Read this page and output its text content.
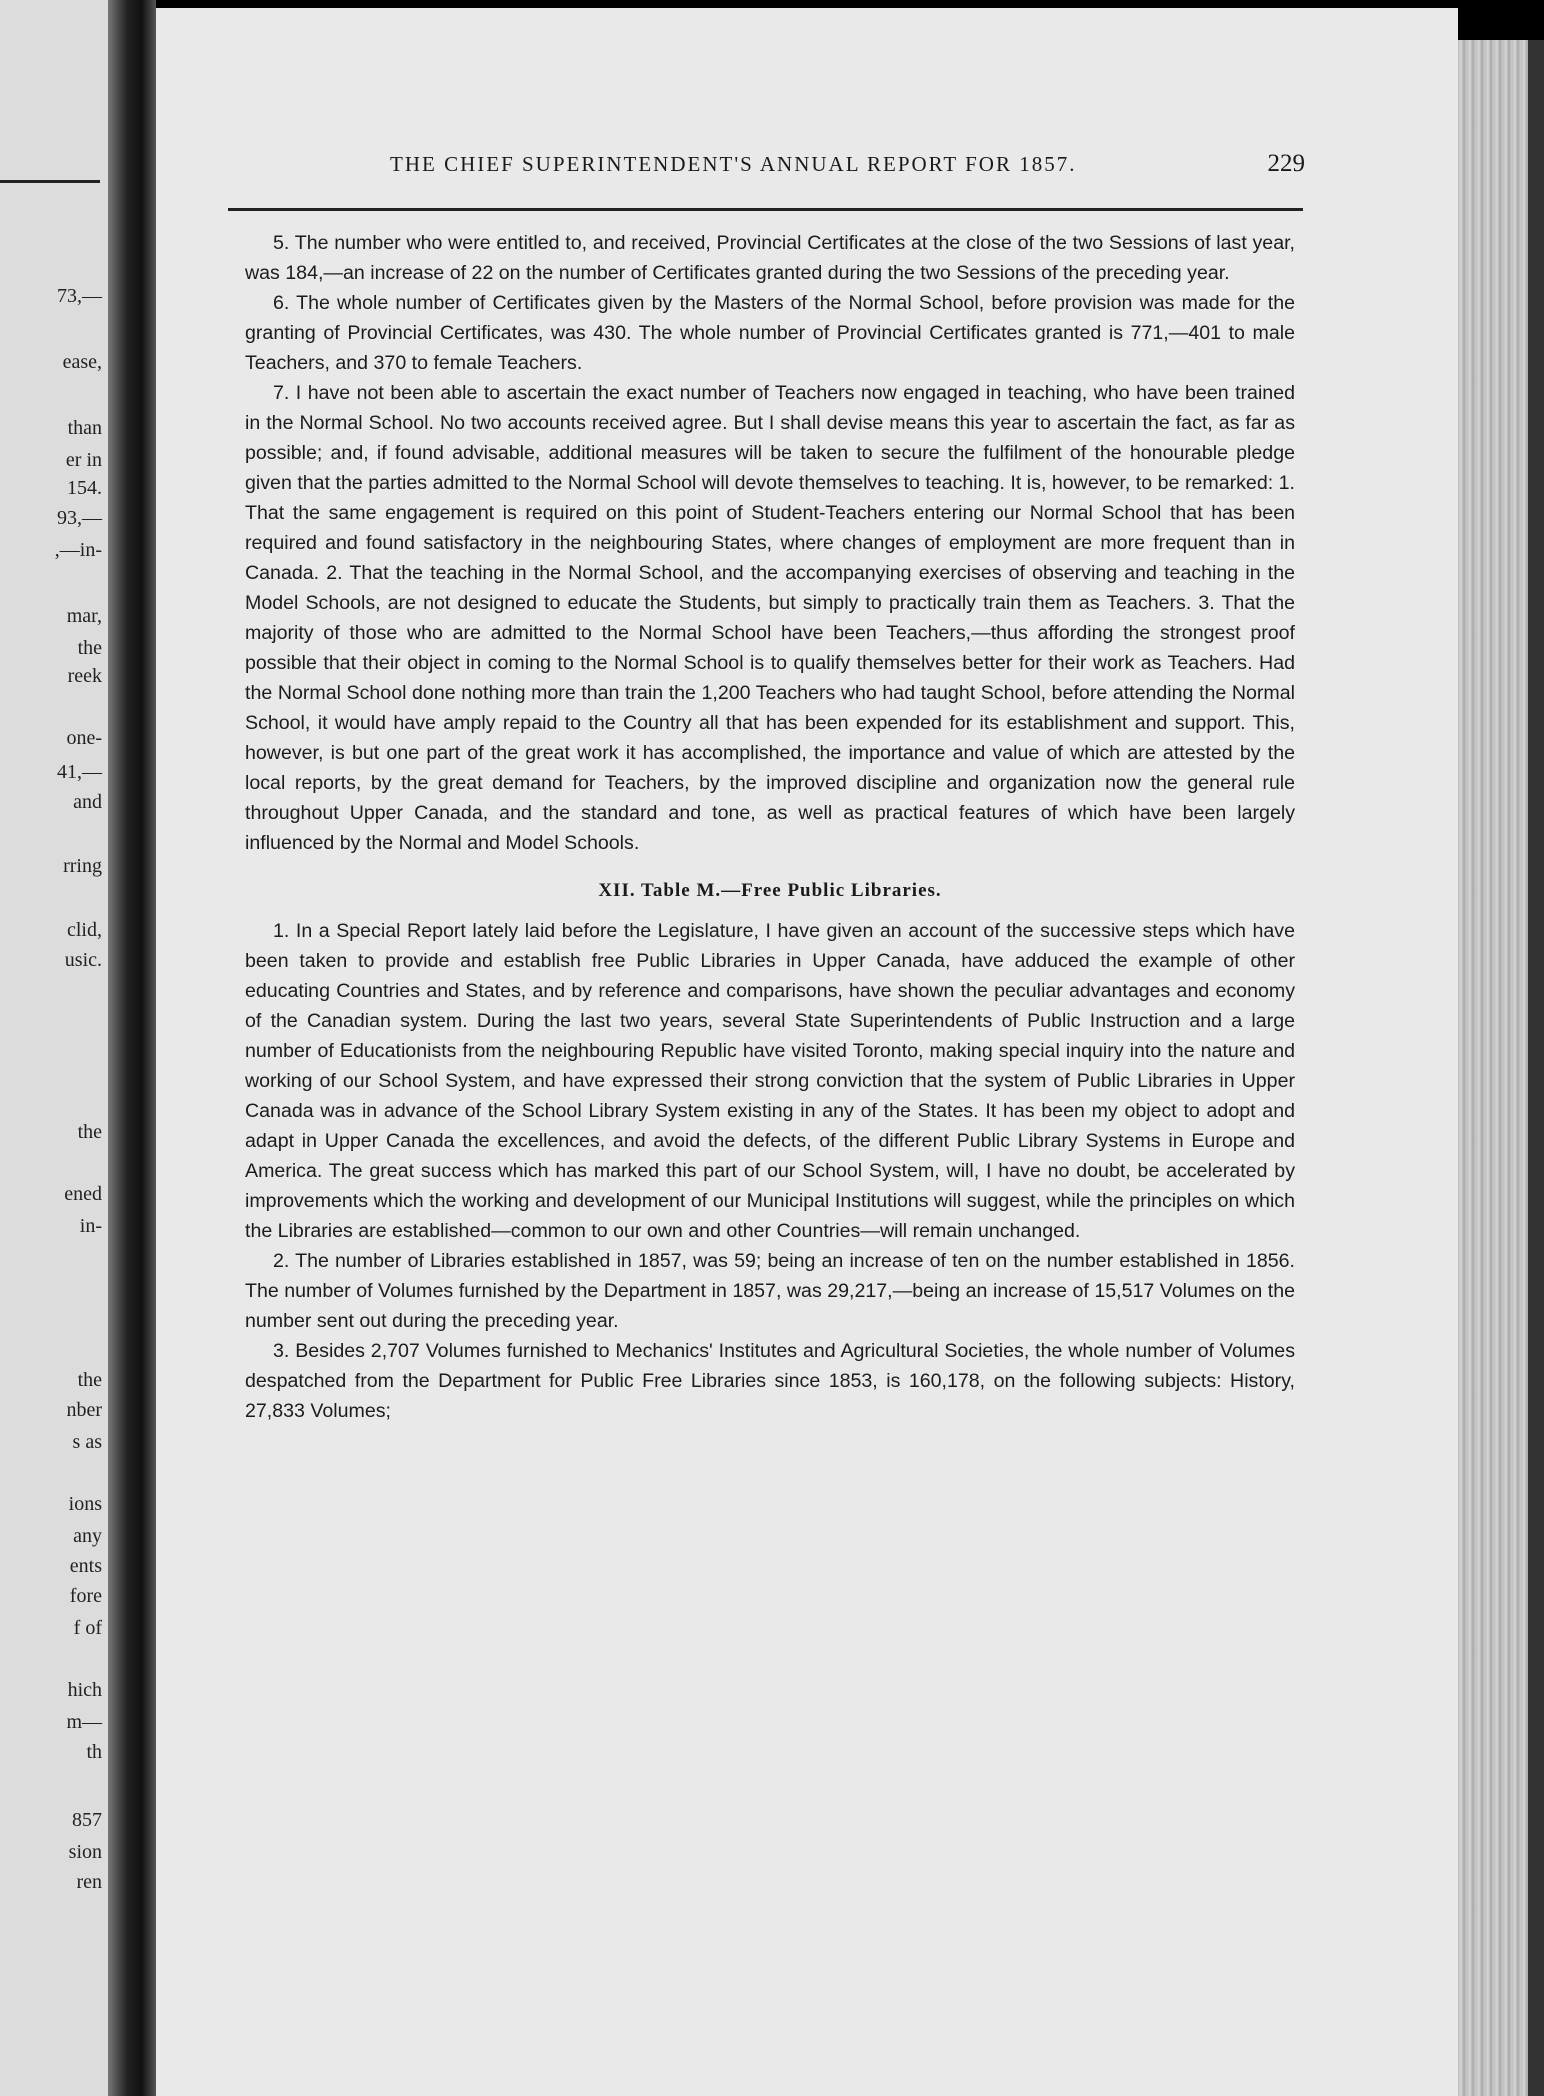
73,—
ease,
than
er in
154.
93,—
,—in-
mar,
the
reek
one-
41,—
and
rring
clid,
usic.
the
ened
in-
the
nber
s as
ions
any
ents
fore
f of
hich
m—
th
857
sion
ren
THE CHIEF SUPERINTENDENT'S ANNUAL REPORT FOR 1857.	229

5. The number who were entitled to, and received, Provincial Certificates at the close of the two Sessions of last year, was 184,—an increase of 22 on the number of Certificates granted during the two Sessions of the preceding year.

6. The whole number of Certificates given by the Masters of the Normal School, before provision was made for the granting of Provincial Certificates, was 430. The whole number of Provincial Certificates granted is 771,—401 to male Teachers, and 370 to female Teachers.

7. I have not been able to ascertain the exact number of Teachers now engaged in teaching, who have been trained in the Normal School. No two accounts received agree. But I shall devise means this year to ascertain the fact, as far as possible; and, if found advisable, additional measures will be taken to secure the fulfilment of the honourable pledge given that the parties admitted to the Normal School will devote themselves to teaching. It is, however, to be remarked: 1. That the same engagement is required on this point of Student-Teachers entering our Normal School that has been required and found satisfactory in the neighbouring States, where changes of employment are more frequent than in Canada. 2. That the teaching in the Normal School, and the accompanying exercises of observing and teaching in the Model Schools, are not designed to educate the Students, but simply to practically train them as Teachers. 3. That the majority of those who are admitted to the Normal School have been Teachers,—thus affording the strongest proof possible that their object in coming to the Normal School is to qualify themselves better for their work as Teachers. Had the Normal School done nothing more than train the 1,200 Teachers who had taught School, before attending the Normal School, it would have amply repaid to the Country all that has been expended for its establishment and support. This, however, is but one part of the great work it has accomplished, the importance and value of which are attested by the local reports, by the great demand for Teachers, by the improved discipline and organization now the general rule throughout Upper Canada, and the standard and tone, as well as practical features of which have been largely influenced by the Normal and Model Schools.

XII. Table M.—Free Public Libraries.

1. In a Special Report lately laid before the Legislature, I have given an account of the successive steps which have been taken to provide and establish free Public Libraries in Upper Canada, have adduced the example of other educating Countries and States, and by reference and comparisons, have shown the peculiar advantages and economy of the Canadian system. During the last two years, several State Superintendents of Public Instruction and a large number of Educationists from the neighbouring Republic have visited Toronto, making special inquiry into the nature and working of our School System, and have expressed their strong conviction that the system of Public Libraries in Upper Canada was in advance of the School Library System existing in any of the States. It has been my object to adopt and adapt in Upper Canada the excellences, and avoid the defects, of the different Public Library Systems in Europe and America. The great success which has marked this part of our School System, will, I have no doubt, be accelerated by improvements which the working and development of our Municipal Institutions will suggest, while the principles on which the Libraries are established—common to our own and other Countries—will remain unchanged.

2. The number of Libraries established in 1857, was 59; being an increase of ten on the number established in 1856. The number of Volumes furnished by the Department in 1857, was 29,217,—being an increase of 15,517 Volumes on the number sent out during the preceding year.

3. Besides 2,707 Volumes furnished to Mechanics' Institutes and Agricultural Societies, the whole number of Volumes despatched from the Department for Public Free Libraries since 1853, is 160,178, on the following subjects: History, 27,833 Volumes;
